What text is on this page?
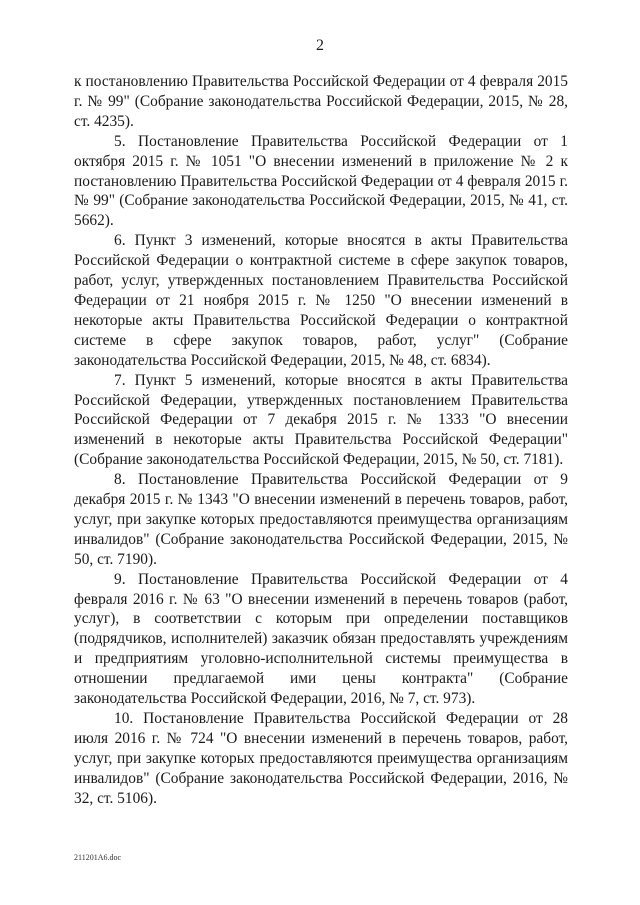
2

к постановлению Правительства Российской Федерации от 4 февраля 2015 г. № 99" (Собрание законодательства Российской Федерации, 2015, № 28, ст. 4235).

5. Постановление Правительства Российской Федерации от 1 октября 2015 г. № 1051 "О внесении изменений в приложение № 2 к постановлению Правительства Российской Федерации от 4 февраля 2015 г. № 99" (Собрание законодательства Российской Федерации, 2015, № 41, ст. 5662).

6. Пункт 3 изменений, которые вносятся в акты Правительства Российской Федерации о контрактной системе в сфере закупок товаров, работ, услуг, утвержденных постановлением Правительства Российской Федерации от 21 ноября 2015 г. № 1250 "О внесении изменений в некоторые акты Правительства Российской Федерации о контрактной системе в сфере закупок товаров, работ, услуг" (Собрание законодательства Российской Федерации, 2015, № 48, ст. 6834).

7. Пункт 5 изменений, которые вносятся в акты Правительства Российской Федерации, утвержденных постановлением Правительства Российской Федерации от 7 декабря 2015 г. № 1333 "О внесении изменений в некоторые акты Правительства Российской Федерации" (Собрание законодательства Российской Федерации, 2015, № 50, ст. 7181).

8. Постановление Правительства Российской Федерации от 9 декабря 2015 г. № 1343 "О внесении изменений в перечень товаров, работ, услуг, при закупке которых предоставляются преимущества организациям инвалидов" (Собрание законодательства Российской Федерации, 2015, № 50, ст. 7190).

9. Постановление Правительства Российской Федерации от 4 февраля 2016 г. № 63 "О внесении изменений в перечень товаров (работ, услуг), в соответствии с которым при определении поставщиков (подрядчиков, исполнителей) заказчик обязан предоставлять учреждениям и предприятиям уголовно-исполнительной системы преимущества в отношении предлагаемой ими цены контракта" (Собрание законодательства Российской Федерации, 2016, № 7, ст. 973).

10. Постановление Правительства Российской Федерации от 28 июля 2016 г. № 724 "О внесении изменений в перечень товаров, работ, услуг, при закупке которых предоставляются преимущества организациям инвалидов" (Собрание законодательства Российской Федерации, 2016, № 32, ст. 5106).

211201А6.doc
